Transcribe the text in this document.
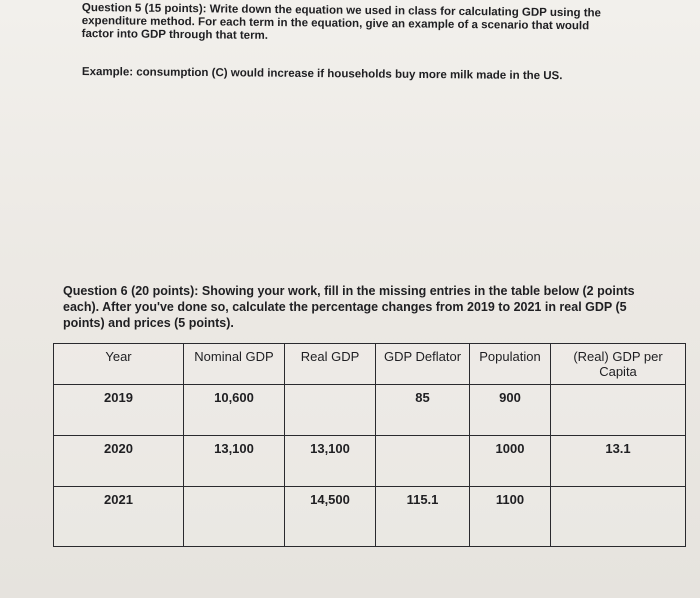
Question 5 (15 points): Write down the equation we used in class for calculating GDP using the expenditure method. For each term in the equation, give an example of a scenario that would factor into GDP through that term.
Example: consumption (C) would increase if households buy more milk made in the US.
Question 6 (20 points): Showing your work, fill in the missing entries in the table below (2 points each). After you've done so, calculate the percentage changes from 2019 to 2021 in real GDP (5 points) and prices (5 points).
Year	Nominal GDP	Real GDP	GDP Deflator	Population	(Real) GDP per Capita
2019	10,600		85	900	
2020	13,100	13,100		1000	13.1
2021		14,500	115.1	1100	
